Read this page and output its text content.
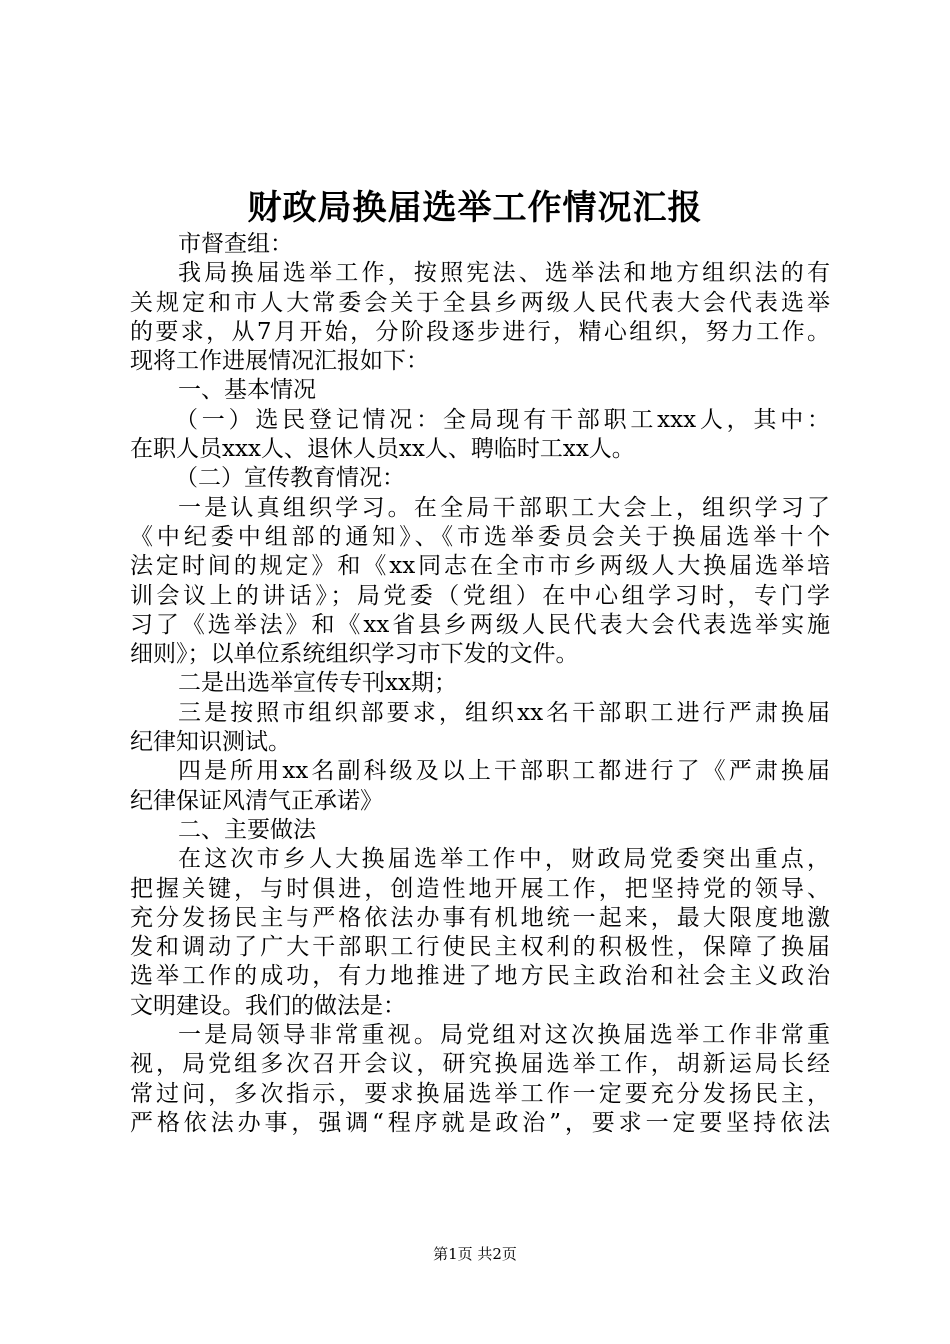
财政局换届选举工作情况汇报
市督查组：
我局换届选举工作，按照宪法、选举法和地方组织法的有
关规定和市人大常委会关于全县乡两级人民代表大会代表选举
的要求，从7月开始，分阶段逐步进行，精心组织，努力工作。
现将工作进展情况汇报如下：
一、基本情况
（一）选民登记情况：全局现有干部职工xxx人，其中：
在职人员xxx人、退休人员xx人、聘临时工xx人。
（二）宣传教育情况：
一是认真组织学习。在全局干部职工大会上，组织学习了
《中纪委中组部的通知》、《市选举委员会关于换届选举十个
法定时间的规定》和《xx同志在全市市乡两级人大换届选举培
训会议上的讲话》；局党委（党组）在中心组学习时，专门学
习了《选举法》和《xx省县乡两级人民代表大会代表选举实施
细则》；以单位系统组织学习市下发的文件。
二是出选举宣传专刊xx期；
三是按照市组织部要求，组织xx名干部职工进行严肃换届
纪律知识测试。
四是所用xx名副科级及以上干部职工都进行了《严肃换届
纪律保证风清气正承诺》
二、主要做法
在这次市乡人大换届选举工作中，财政局党委突出重点，
把握关键，与时俱进，创造性地开展工作，把坚持党的领导、
充分发扬民主与严格依法办事有机地统一起来，最大限度地激
发和调动了广大干部职工行使民主权利的积极性，保障了换届
选举工作的成功，有力地推进了地方民主政治和社会主义政治
文明建设。我们的做法是：
一是局领导非常重视。局党组对这次换届选举工作非常重
视，局党组多次召开会议，研究换届选举工作，胡新运局长经
常过问，多次指示，要求换届选举工作一定要充分发扬民主，
严格依法办事，强调“程序就是政治”，要求一定要坚持依法
第1页 共2页
